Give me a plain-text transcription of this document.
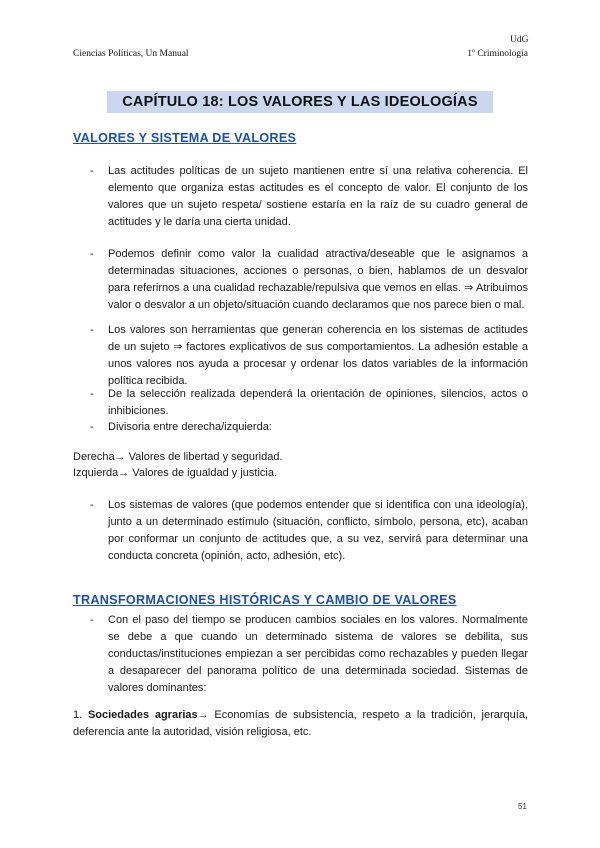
Ciencias Políticas, Un Manual
UdG
1º Criminología
CAPÍTULO 18: LOS VALORES Y LAS IDEOLOGÍAS
VALORES Y SISTEMA DE VALORES
- Las actitudes políticas de un sujeto mantienen entre sí una relativa coherencia. El elemento que organiza estas actitudes es el concepto de valor. El conjunto de los valores que un sujeto respeta/ sostiene estaría en la raíz de su cuadro general de actitudes y le daría una cierta unidad.
- Podemos definir como valor la cualidad atractiva/deseable que le asignamos a determinadas situaciones, acciones o personas, o bien, hablamos de un desvalor para referirnos a una cualidad rechazable/repulsiva que vemos en ellas. ⇒ Atribuimos valor o desvalor a un objeto/situación cuando declaramos que nos parece bien o mal.
- Los valores son herramientas que generan coherencia en los sistemas de actitudes de un sujeto ⇒ factores explicativos de sus comportamientos. La adhesión estable a unos valores nos ayuda a procesar y ordenar los datos variables de la información política recibida.
- De la selección realizada dependerá la orientación de opiniones, silencios, actos o inhibiciones.
- Divisoria entre derecha/izquierda:
Derecha→ Valores de libertad y seguridad.
Izquierda→ Valores de igualdad y justicia.
- Los sistemas de valores (que podemos entender que si identifica con una ideología), junto a un determinado estímulo (situación, conflicto, símbolo, persona, etc), acaban por conformar un conjunto de actitudes que, a su vez, servirá para determinar una conducta concreta (opinión, acto, adhesión, etc).
TRANSFORMACIONES HISTÓRICAS Y CAMBIO DE VALORES
- Con el paso del tiempo se producen cambios sociales en los valores. Normalmente se debe a que cuando un determinado sistema de valores se debilita, sus conductas/instituciones empiezan a ser percibidas como rechazables y pueden llegar a desaparecer del panorama político de una determinada sociedad. Sistemas de valores dominantes:
1. Sociedades agrarias→ Economías de subsistencia, respeto a la tradición, jerarquía, deferencia ante la autoridad, visión religiosa, etc.
51
